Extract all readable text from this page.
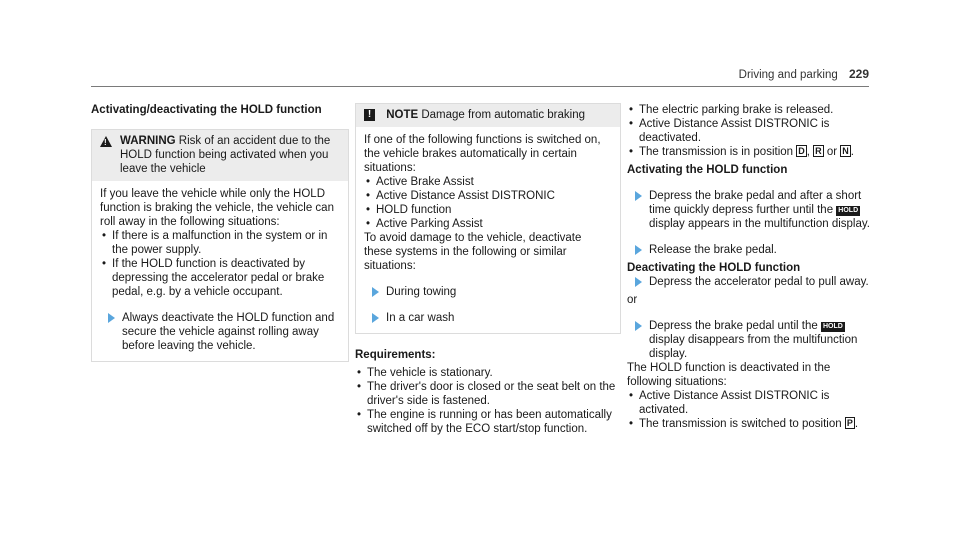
Driving and parking 229
Activating/deactivating the HOLD function
! WARNING Risk of an accident due to the HOLD function being activated when you leave the vehicle
If you leave the vehicle while only the HOLD function is braking the vehicle, the vehicle can roll away in the following situations:
• If there is a malfunction in the system or in the power supply.
• If the HOLD function is deactivated by depressing the accelerator pedal or brake pedal, e.g. by a vehicle occupant.
Always deactivate the HOLD function and secure the vehicle against rolling away before leaving the vehicle.
! NOTE Damage from automatic braking
If one of the following functions is switched on, the vehicle brakes automatically in certain situations:
• Active Brake Assist
• Active Distance Assist DISTRONIC
• HOLD function
• Active Parking Assist
To avoid damage to the vehicle, deactivate these systems in the following or similar situations:
During towing
In a car wash
Requirements:
• The vehicle is stationary.
• The driver's door is closed or the seat belt on the driver's side is fastened.
• The engine is running or has been automatically switched off by the ECO start/stop function.
• The electric parking brake is released.
• Active Distance Assist DISTRONIC is deactivated.
• The transmission is in position D , R or N .
Activating the HOLD function
Depress the brake pedal and after a short time quickly depress further until the HOLD display appears in the multifunction display.
Release the brake pedal.
Deactivating the HOLD function
Depress the accelerator pedal to pull away.
or
Depress the brake pedal until the HOLD display disappears from the multifunction display.
The HOLD function is deactivated in the following situations:
• Active Distance Assist DISTRONIC is activated.
• The transmission is switched to position P .
